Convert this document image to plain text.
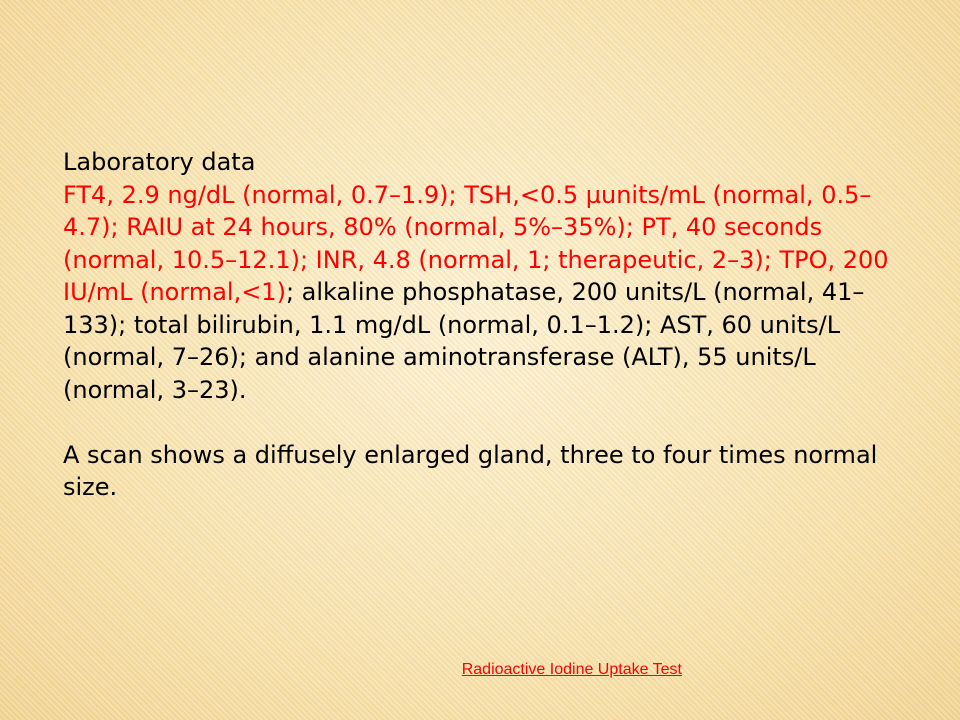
Laboratory data

FT4, 2.9 ng/dL (normal, 0.7–1.9); TSH,<0.5 µunits/mL (normal, 0.5–4.7); RAIU at 24 hours, 80% (normal, 5%–35%); PT, 40 seconds (normal, 10.5–12.1); INR, 4.8 (normal, 1; therapeutic, 2–3); TPO, 200 IU/mL (normal,<1); alkaline phosphatase, 200 units/L (normal, 41–133); total bilirubin, 1.1 mg/dL (normal, 0.1–1.2); AST, 60 units/L (normal, 7–26); and alanine aminotransferase (ALT), 55 units/L (normal, 3–23).

A scan shows a diffusely enlarged gland, three to four times normal size.

Radioactive Iodine Uptake Test
